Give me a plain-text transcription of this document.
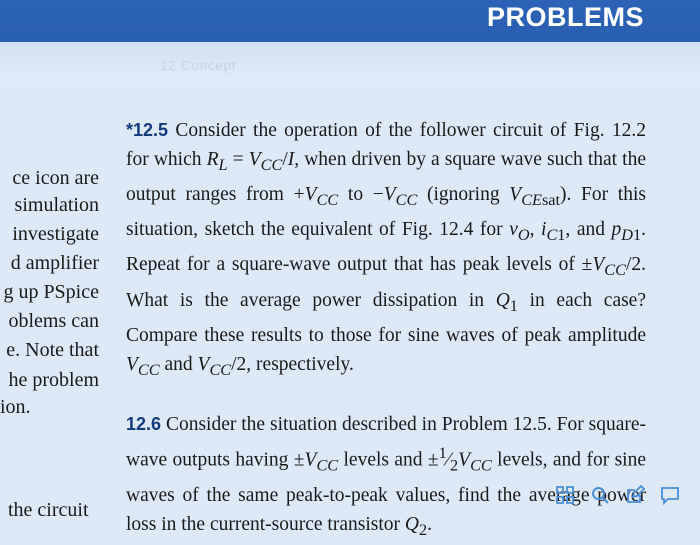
PROBLEMS
12 Concept
ce icon are
simulation
investigate
d amplifier
g up PSpice
oblems can
e. Note that
he problem
ion.
the circuit

*12.5 Consider the operation of the follower circuit of Fig. 12.2 for which $R_L = V_{CC}/I$, when driven by a square wave such that the output ranges from $+V_{CC}$ to $-V_{CC}$ (ignoring $V_{CEsat}$). For this situation, sketch the equivalent of Fig. 12.4 for $v_O$, $i_{C1}$, and $p_{D1}$. Repeat for a square-wave output that has peak levels of $\pm V_{CC}/2$. What is the average power dissipation in $Q_1$ in each case? Compare these results to those for sine waves of peak amplitude $V_{CC}$ and $V_{CC}/2$, respectively.

12.6 Consider the situation described in Problem 12.5. For square-wave outputs having $\pm V_{CC}$ levels and $\pm^1⁄_2V_{CC}$ levels, and for sine waves of the same peak-to-peak values, find the average power loss in the current-source transistor $Q_2$.
